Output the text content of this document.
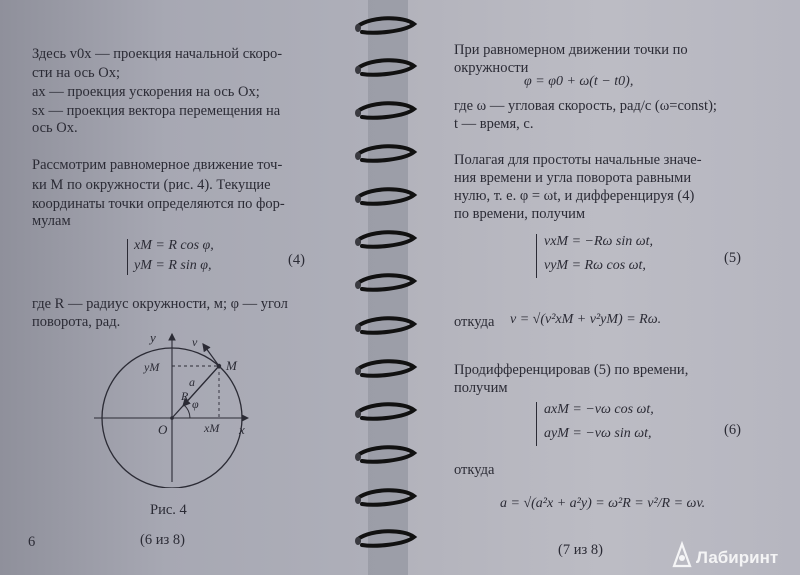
Здесь v0x — проекция начальной скоро-
сти на ось Ox;
ax — проекция ускорения на ось Ox;
sx — проекция вектора перемещения на
ось Ox.
Рассмотрим равномерное движение точ-
ки M по окружности (рис. 4). Текущие
координаты точки определяются по фор-
мулам
xM = R cos φ,
yM = R sin φ,	(4)
где R — радиус окружности, м; φ — угол
поворота, рад.
y
x
O
M
R
φ
v
a
yM
xM
Рис. 4
6	(6 из 8)
При равномерном движении точки по
окружности
φ = φ0 + ω(t − t0),
где ω — угловая скорость, рад/с (ω=const);
t — время, с.
Полагая для простоты начальные значе-
ния времени и угла поворота равными
нулю, т. е. φ = ωt, и дифференцируя (4)
по времени, получим
vxM = −Rω sin ωt,
vyM = Rω cos ωt,	(5)
откуда v = √(v²xM + v²yM) = Rω.
Продифференцировав (5) по времени,
получим
axM = −vω cos ωt,
ayM = −vω sin ωt,	(6)
откуда
a = √(a²x + a²y) = ω²R = v²/R = ωv.
(7 из 8)	Лабиринт
